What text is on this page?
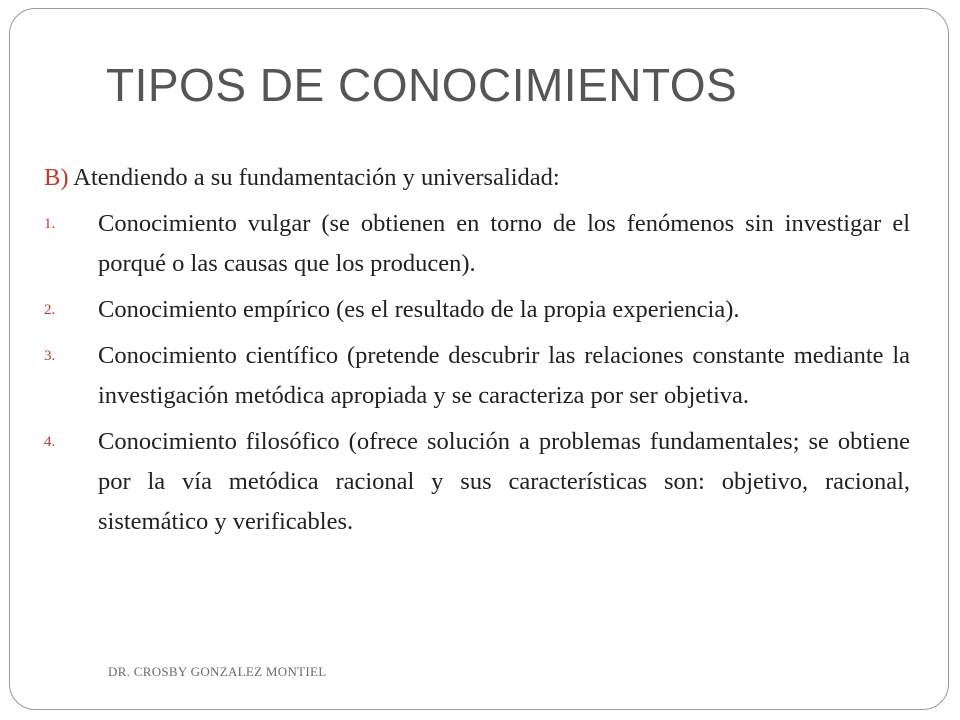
TIPOS DE CONOCIMIENTOS

B) Atendiendo a su fundamentación y universalidad:

1. Conocimiento vulgar (se obtienen en torno de los fenómenos sin investigar el porqué o las causas que los producen).
2. Conocimiento empírico (es el resultado de la propia experiencia).
3. Conocimiento científico (pretende descubrir las relaciones constante mediante la investigación metódica apropiada y se caracteriza por ser objetiva.
4. Conocimiento filosófico (ofrece solución a problemas fundamentales; se obtiene por la vía metódica racional y sus características son: objetivo, racional, sistemático y verificables.
DR. CROSBY GONZALEZ MONTIEL
